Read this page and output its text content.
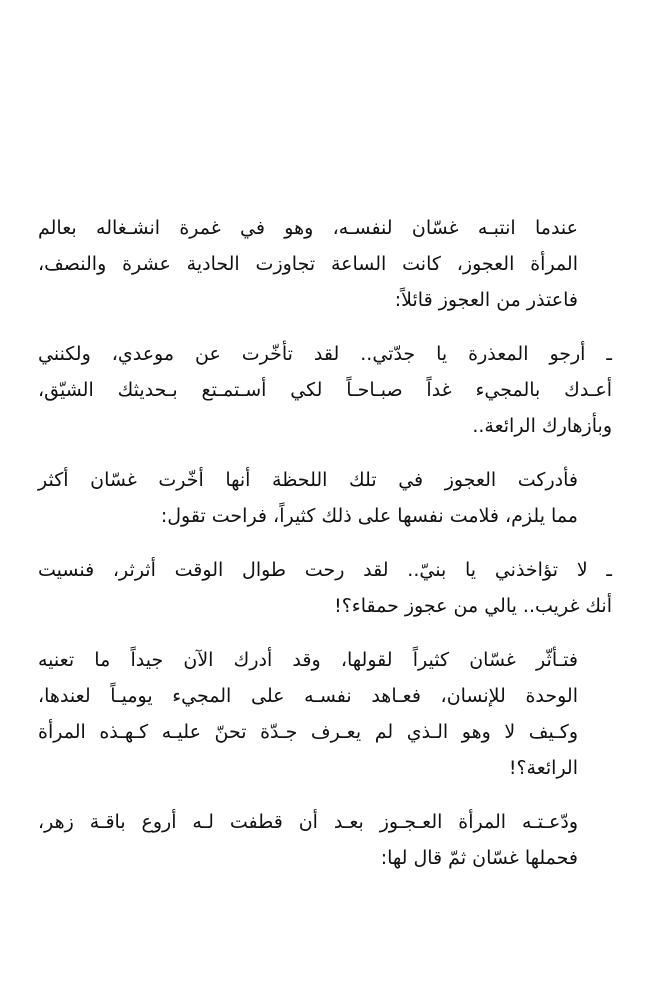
عندما انتبـه غسّان لنفسـه، وهو في غمرة انشـغاله بعالم
المرأة العجوز، كانت الساعة تجاوزت الحادية عشرة والنصف،
فاعتذر من العجوز قائلاً:

ـ أرجو المعذرة يا جدّتي.. لقد تأخّرت عن موعدي، ولكنني
أعـدك بالمجيء غداً صبـاحـاً لكي أسـتمـتع بـحديثك الشيّق،
وبأزهارك الرائعة..

فأدركت العجوز في تلك اللحظة أنها أخّرت غسّان أكثر
مما يلزم، فلامت نفسها على ذلك كثيراً، فراحت تقول:

ـ لا تؤاخذني يا بنيّ.. لقد رحت طوال الوقت أثرثر، فنسيت
أنك غريب.. يالي من عجوز حمقاء؟!

فتـأثّر غسّان كثيراً لقولها، وقد أدرك الآن جيداً ما تعنيه
الوحدة للإنسان، فعـاهد نفسـه على المجيء يوميـاً لعندها،
وكـيف لا وهو الـذي لم يعـرف جـدّة تحنّ عليـه كـهـذه المرأة
الرائعة؟!

ودّعـتـه المرأة العـجـوز بعـد أن قطفت لـه أروع باقـة زهر،
فحملها غسّان ثمّ قال لها:
